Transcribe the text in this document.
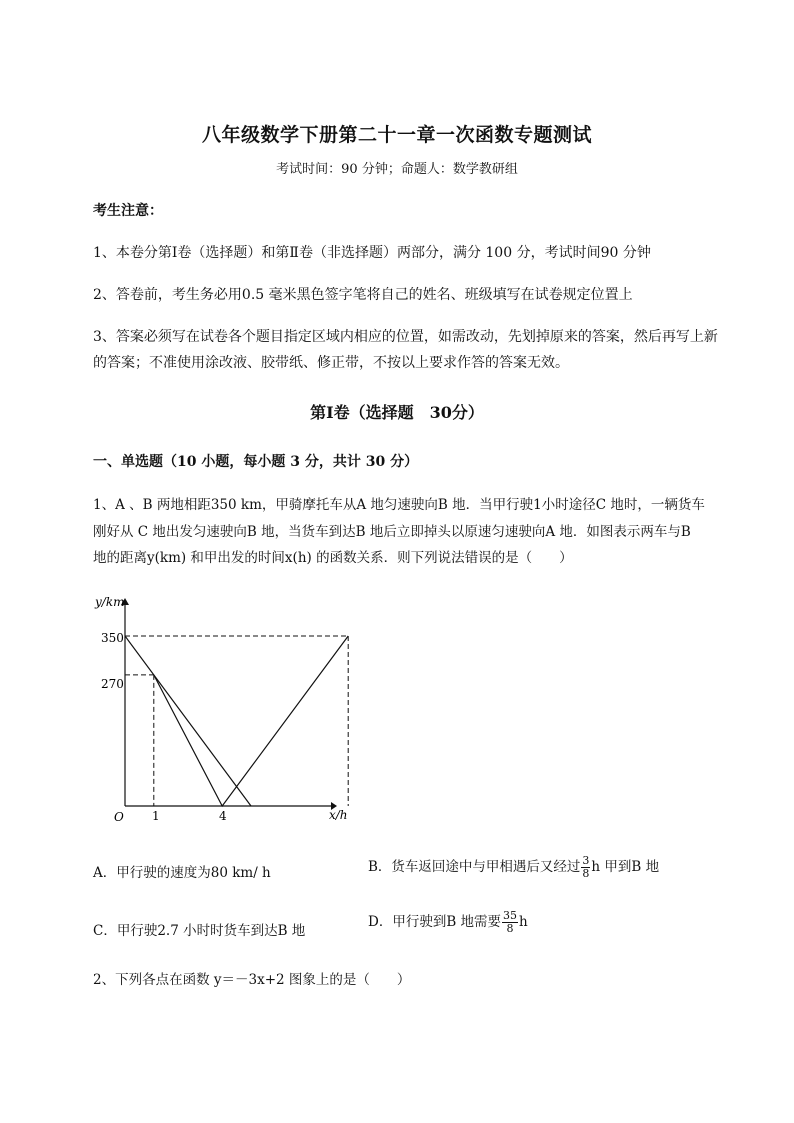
八年级数学下册第二十一章一次函数专题测试
考试时间：90 分钟；命题人：数学教研组
考生注意：
1、本卷分第Ⅰ卷（选择题）和第Ⅱ卷（非选择题）两部分，满分 100 分，考试时间90 分钟
2、答卷前，考生务必用0.5 毫米黑色签字笔将自己的姓名、班级填写在试卷规定位置上
3、答案必须写在试卷各个题目指定区域内相应的位置，如需改动，先划掉原来的答案，然后再写上新
的答案；不准使用涂改液、胶带纸、修正带，不按以上要求作答的答案无效。
第Ⅰ卷（选择题　30分）
一、单选题（10 小题，每小题 3 分，共计 30 分）
1、A 、B 两地相距350 km，甲骑摩托车从A 地匀速驶向B 地．当甲行驶1小时途径C 地时，一辆货车
刚好从 C 地出发匀速驶向B 地，当货车到达B 地后立即掉头以原速匀速驶向A 地．如图表示两车与B
地的距离y(km) 和甲出发的时间x(h) 的函数关系．则下列说法错误的是（　　）
y/km
x/h
O
350
270
1	4
A．甲行驶的速度为80 km/ h	B．货车返回途中与甲相遇后又经过 $\frac{3}{8}$ h 甲到B 地
C．甲行驶2.7 小时时货车到达B 地
D．甲行驶到B 地需要 $\frac{35}{8}$ h
2、下列各点在函数 y＝－3x+2 图象上的是（　　）
